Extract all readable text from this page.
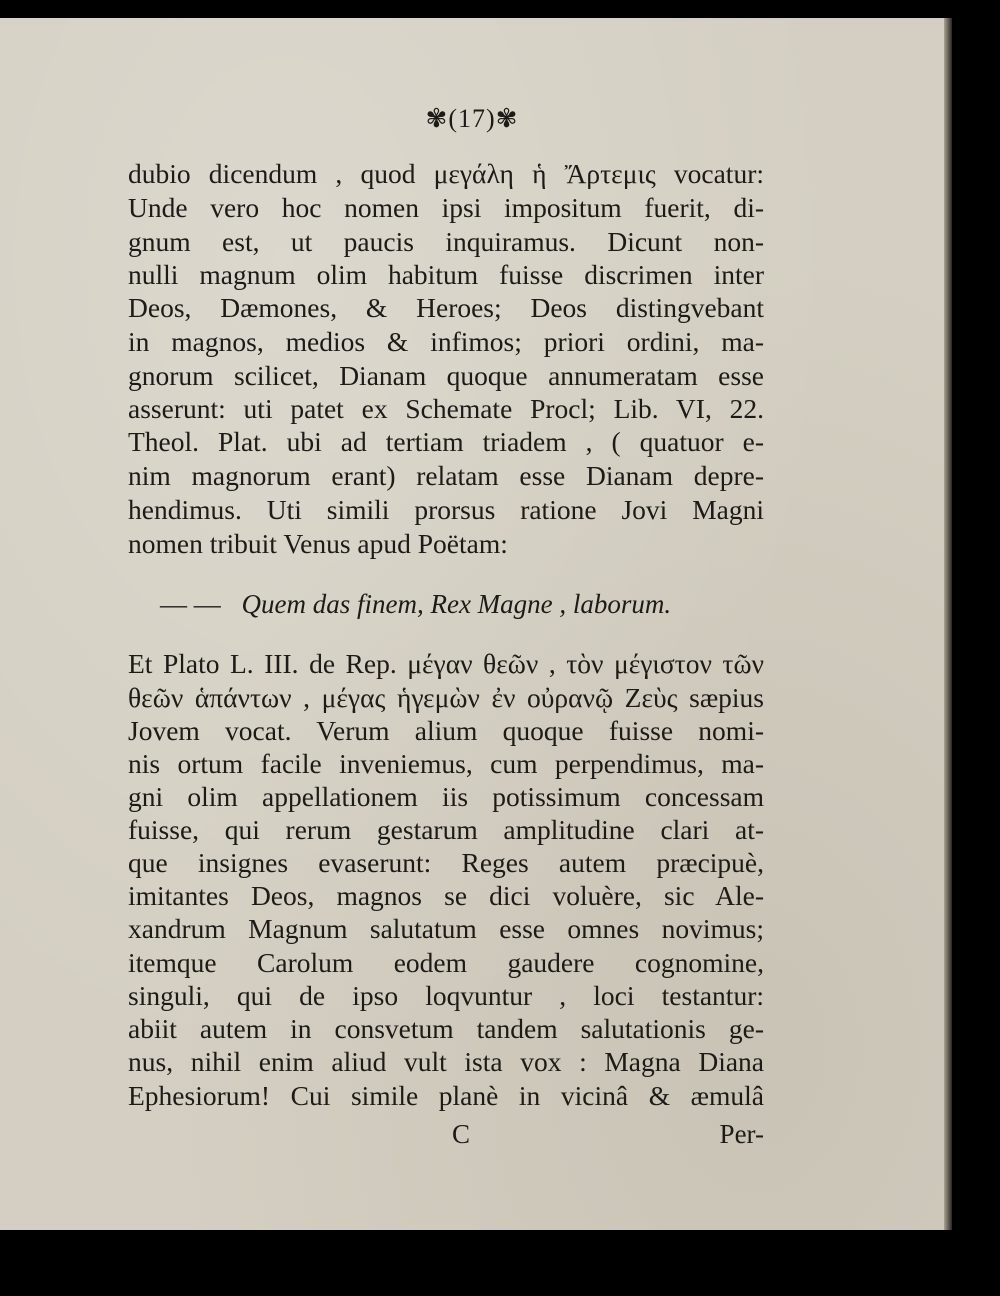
✾(17)✾
dubio dicendum , quod μεγάλη ἡ Ἄρτεμις vocatur:
Unde vero hoc nomen ipsi impositum fuerit, di-
gnum est, ut paucis inquiramus. Dicunt non-
nulli magnum olim habitum fuisse discrimen inter
Deos, Dæmones, & Heroes; Deos distingvebant
in magnos, medios & infimos; priori ordini, ma-
gnorum scilicet, Dianam quoque annumeratam esse
asserunt: uti patet ex Schemate Procl; Lib. VI, 22.
Theol. Plat. ubi ad tertiam triadem , ( quatuor e-
nim magnorum erant) relatam esse Dianam depre-
hendimus. Uti simili prorsus ratione Jovi Magni
nomen tribuit Venus apud Poëtam:
— — Quem das finem, Rex Magne , laborum.
Et Plato L. III. de Rep. μέγαν θεῶν , τὸν μέγιστον τῶν
θεῶν ἁπάντων , μέγας ἡγεμὼν ἐν οὐρανῷ Ζεὺς sæpius
Jovem vocat. Verum alium quoque fuisse nomi-
nis ortum facile inveniemus, cum perpendimus, ma-
gni olim appellationem iis potissimum concessam
fuisse, qui rerum gestarum amplitudine clari at-
que insignes evaserunt: Reges autem præcipuè,
imitantes Deos, magnos se dici voluère, sic Ale-
xandrum Magnum salutatum esse omnes novimus;
itemque Carolum eodem gaudere cognomine,
singuli, qui de ipso loqvuntur , loci testantur:
abiit autem in consvetum tandem salutationis ge-
nus, nihil enim aliud vult ista vox : Magna Diana
Ephesiorum! Cui simile planè in vicinâ & æmulâ
C	Per-
